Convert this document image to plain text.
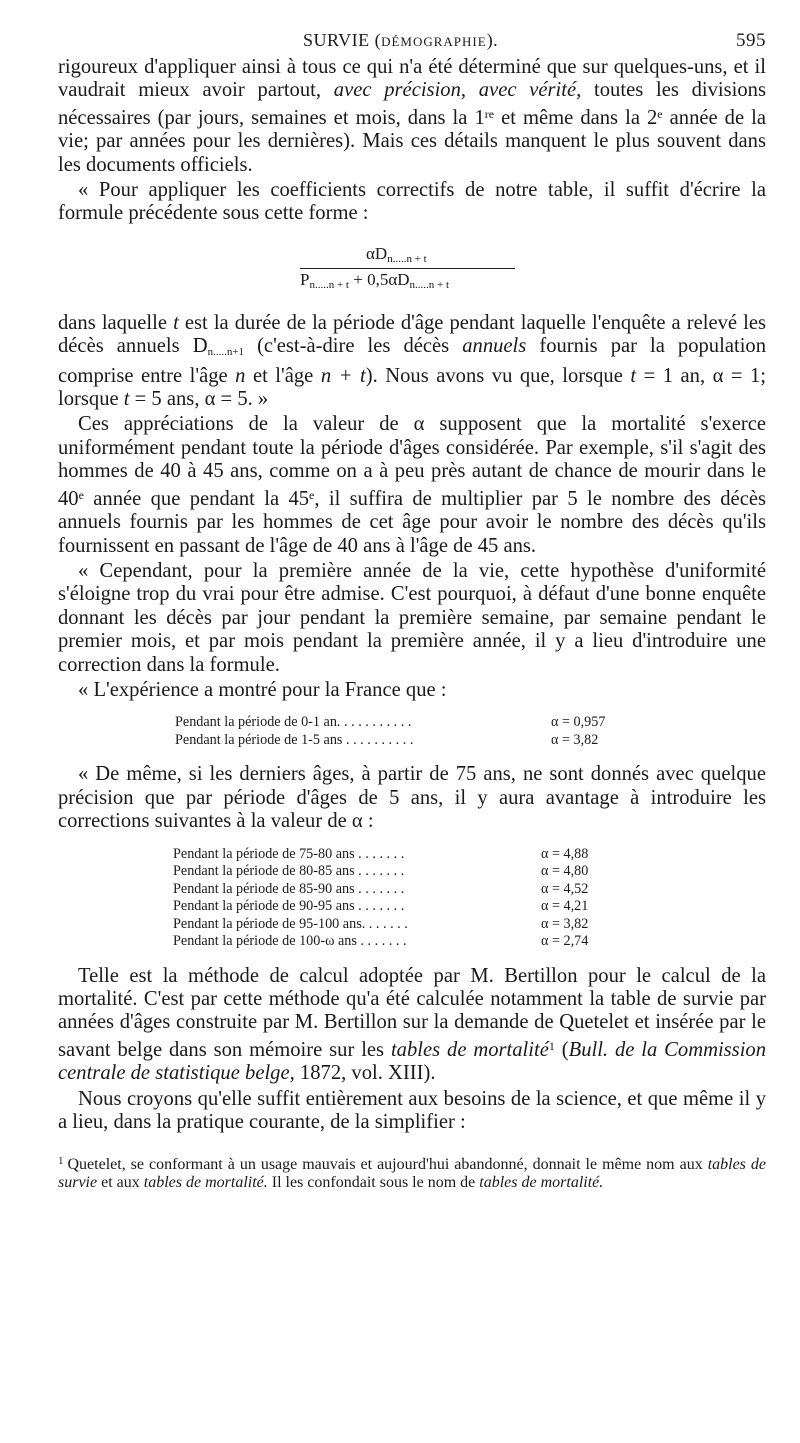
SURVIE (DÉMOGRAPHIE).	595

rigoureux d'appliquer ainsi à tous ce qui n'a été déterminé que sur quelques-uns, et il vaudrait mieux avoir partout, avec précision, avec vérité, toutes les divisions nécessaires (par jours, semaines et mois, dans la 1re et même dans la 2e année de la vie; par années pour les dernières). Mais ces détails manquent le plus souvent dans les documents officiels.

« Pour appliquer les coefficients correctifs de notre table, il suffit d'écrire la formule précédente sous cette forme :

$\alpha D_{n.....n + t}$
$P_{n.....n + t} + 0,5\alpha D_{n.....n + t}$

dans laquelle t est la durée de la période d'âge pendant laquelle l'enquête a relevé les décès annuels $D_{n.....n+1}$ (c'est-à-dire les décès annuels fournis par la population comprise entre l'âge n et l'âge n + t). Nous avons vu que, lorsque t = 1 an, α = 1; lorsque t = 5 ans, α = 5. »

Ces appréciations de la valeur de α supposent que la mortalité s'exerce uniformément pendant toute la période d'âges considérée. Par exemple, s'il s'agit des hommes de 40 à 45 ans, comme on a à peu près autant de chance de mourir dans le 40e année que pendant la 45e, il suffira de multiplier par 5 le nombre des décès annuels fournis par les hommes de cet âge pour avoir le nombre des décès qu'ils fournissent en passant de l'âge de 40 ans à l'âge de 45 ans.

« Cependant, pour la première année de la vie, cette hypothèse d'uniformité s'éloigne trop du vrai pour être admise. C'est pourquoi, à défaut d'une bonne enquête donnant les décès par jour pendant la première semaine, par semaine pendant le premier mois, et par mois pendant la première année, il y a lieu d'introduire une correction dans la formule.

« L'expérience a montré pour la France que :

Pendant la période de 0-1 an. . . . . . . . . . .	α = 0,957
Pendant la période de 1-5 ans . . . . . . . . . .	α = 3,82

« De même, si les derniers âges, à partir de 75 ans, ne sont donnés avec quelque précision que par période d'âges de 5 ans, il y aura avantage à introduire les corrections suivantes à la valeur de α :

Pendant la période de 75-80 ans . . . . . . .	α = 4,88
Pendant la période de 80-85 ans . . . . . . .	α = 4,80
Pendant la période de 85-90 ans . . . . . . .	α = 4,52
Pendant la période de 90-95 ans . . . . . . .	α = 4,21
Pendant la période de 95-100 ans. . . . . . .	α = 3,82
Pendant la période de 100-ω ans . . . . . . .	α = 2,74

Telle est la méthode de calcul adoptée par M. Bertillon pour le calcul de la mortalité. C'est par cette méthode qu'a été calculée notamment la table de survie par années d'âges construite par M. Bertillon sur la demande de Quetelet et insérée par le savant belge dans son mémoire sur les tables de mortalité$^1$ (Bull. de la Commission centrale de statistique belge, 1872, vol. XIII).

Nous croyons qu'elle suffit entièrement aux besoins de la science, et que même il y a lieu, dans la pratique courante, de la simplifier :

$^1$ Quetelet, se conformant à un usage mauvais et aujourd'hui abandonné, donnait le même nom aux tables de survie et aux tables de mortalité. Il les confondait sous le nom de tables de mortalité.
